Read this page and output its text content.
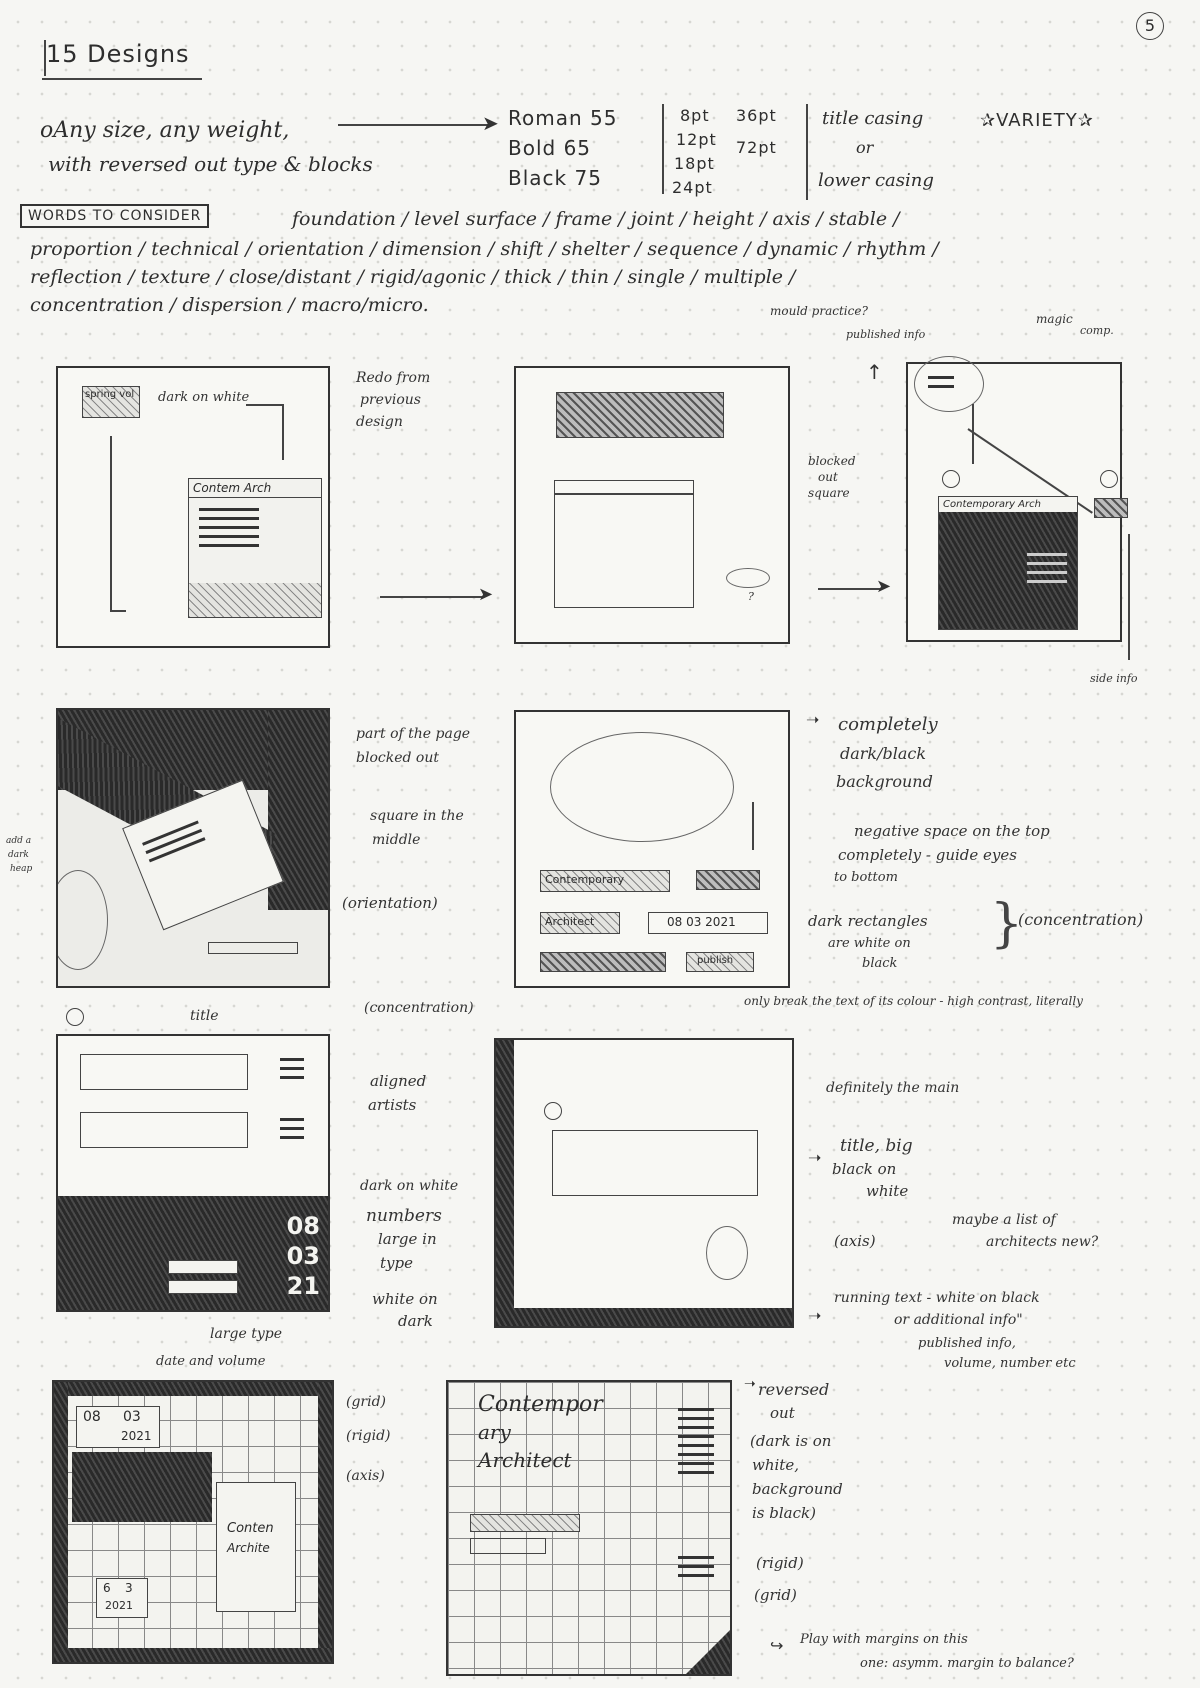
5
15 Designs
oAny size, any weight,
with reversed out type & blocks
➤ Roman 55
Bold 65
Black 75
8pt
12pt
18pt
24pt
36pt
72pt
title casing
or
lower casing
✰VARIETY✰
WORDS TO CONSIDER	foundation / level surface / frame / joint / height / axis / stable /
proportion / technical / orientation / dimension / shift / shelter / sequence / dynamic / rhythm /
reflection / texture / close/distant / rigid/agonic / thick / thin / single / multiple /
concentration / dispersion / macro/micro.
spring vol
Contem Arch
dark on white
Redo from
previous
design
➤	?
mould practice?
published info
blocked
out
square
➤
↑
Contemporary Arch
magic
comp.
side info
part of the page
blocked out
square in the
middle
(orientation)
add a
dark
heap
Contemporary
Architect	08 03 2021
publish
➝ completely
dark/black
background
negative space on the top
completely - guide eyes
to bottom
dark rectangles
are white on
black
(concentration)
}
only break the text of its colour - high contrast, literally
title
08
03
21
aligned
artists
dark on white
numbers
large in
type
white on
dark
large type
(concentration)
definitely the main
title, big
black on
white
(axis)
maybe a list of
architects new?
running text - white on black
or additional info"
published info,
volume, number etc
➝
➝
date and volume
08 03
2021
Conten
Archite
6 3
2021
(grid)
(rigid)
(axis)
Contempor
ary
Architect
reversed
out
(dark is on
white,
background
is black)
(rigid)
(grid)
Play with margins on this
one: asymm. margin to balance?
➝
↪
